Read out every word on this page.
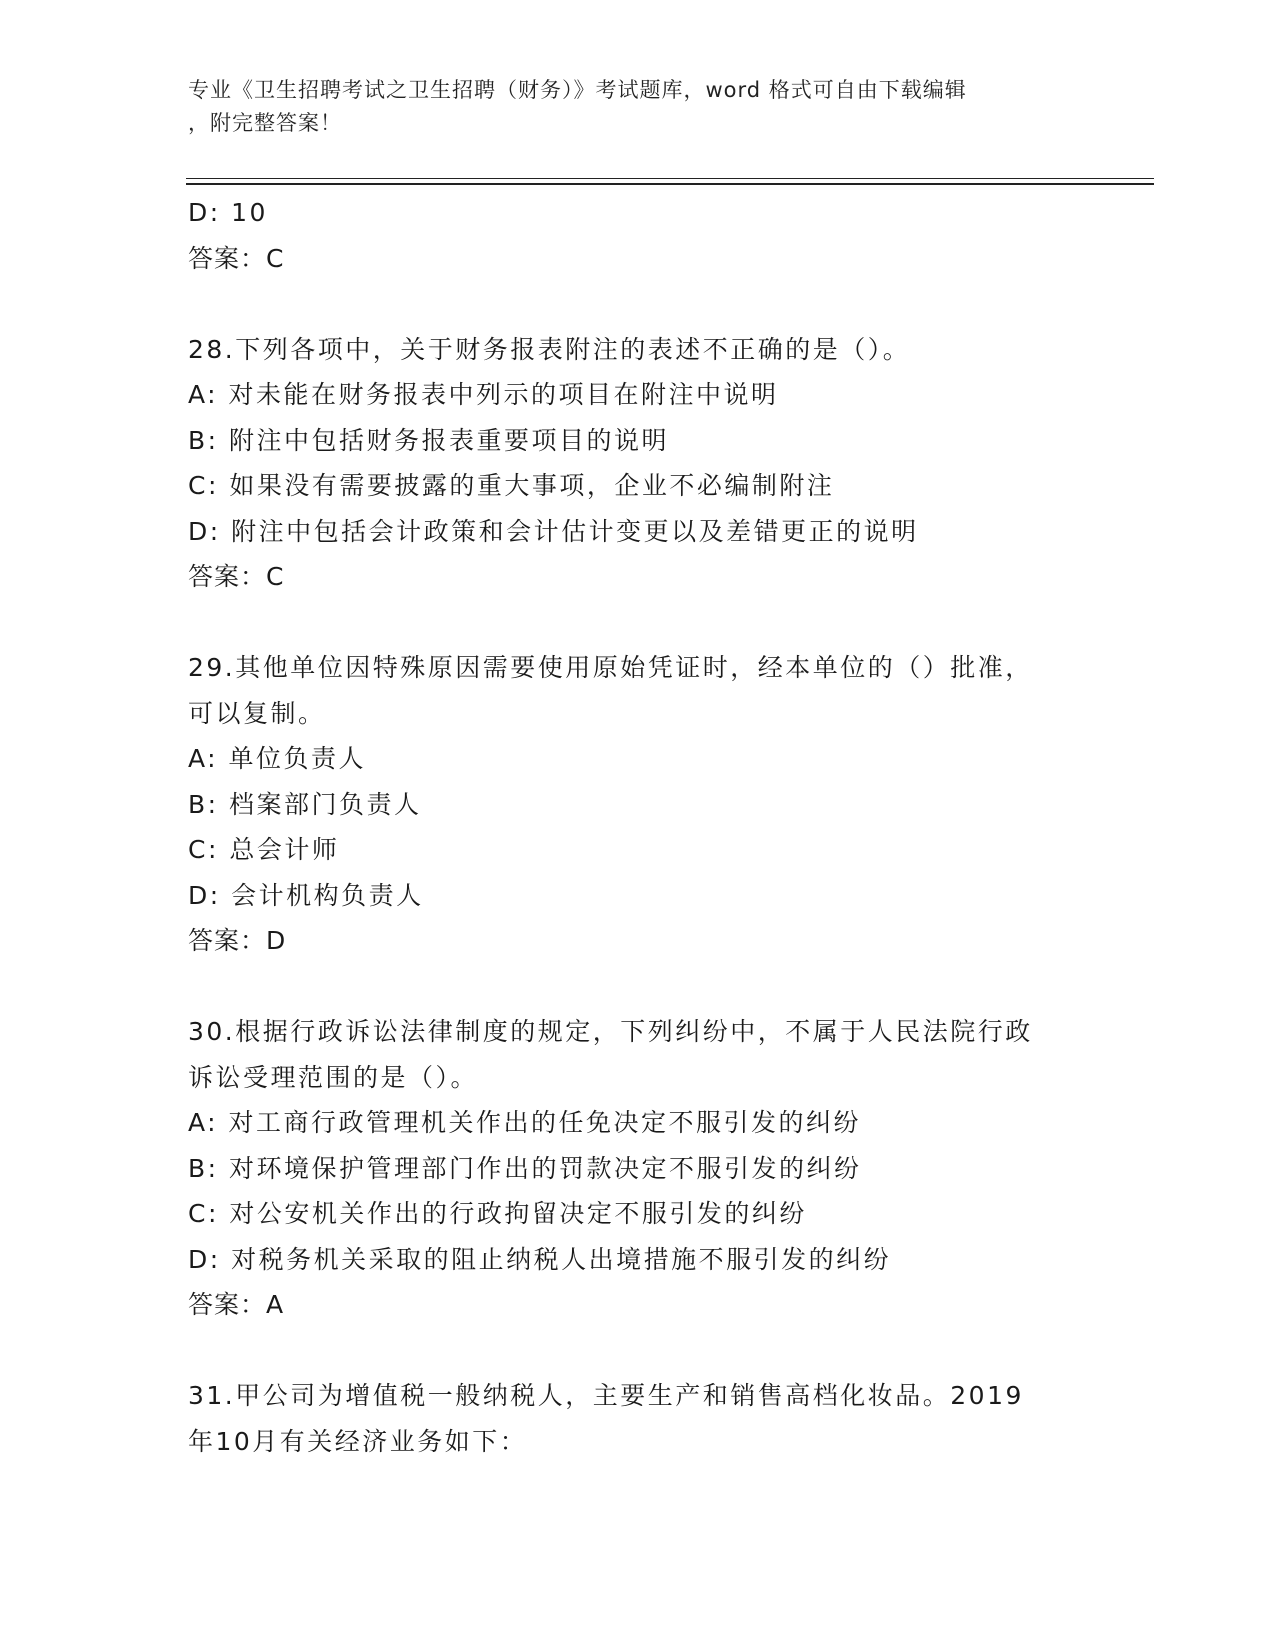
专业《卫生招聘考试之卫生招聘（财务）》考试题库，word 格式可自由下载编辑
，附完整答案！
D: 10
答案：C
28.下列各项中，关于财务报表附注的表述不正确的是（）。
A: 对未能在财务报表中列示的项目在附注中说明
B: 附注中包括财务报表重要项目的说明
C: 如果没有需要披露的重大事项，企业不必编制附注
D: 附注中包括会计政策和会计估计变更以及差错更正的说明
答案：C
29.其他单位因特殊原因需要使用原始凭证时，经本单位的（）批准，
可以复制。
A: 单位负责人
B: 档案部门负责人
C: 总会计师
D: 会计机构负责人
答案：D
30.根据行政诉讼法律制度的规定，下列纠纷中，不属于人民法院行政
诉讼受理范围的是（）。
A: 对工商行政管理机关作出的任免决定不服引发的纠纷
B: 对环境保护管理部门作出的罚款决定不服引发的纠纷
C: 对公安机关作出的行政拘留决定不服引发的纠纷
D: 对税务机关采取的阻止纳税人出境措施不服引发的纠纷
答案：A
31.甲公司为增值税一般纳税人，主要生产和销售高档化妆品。2019
年10月有关经济业务如下：
